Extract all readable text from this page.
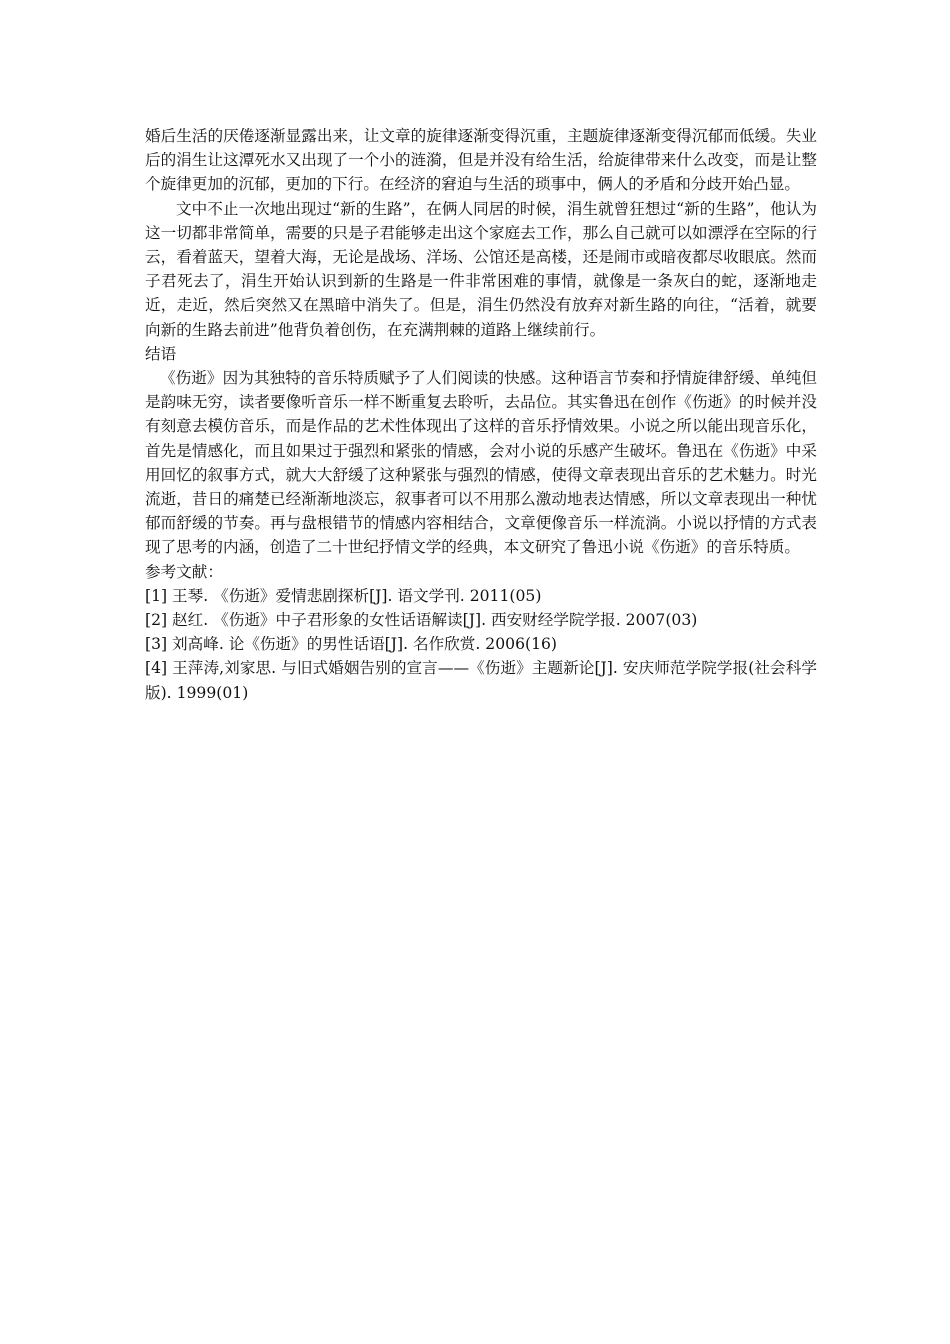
婚后生活的厌倦逐渐显露出来，让文章的旋律逐渐变得沉重，主题旋律逐渐变得沉郁而低缓。失业后的涓生让这潭死水又出现了一个小的涟漪，但是并没有给生活，给旋律带来什么改变，而是让整个旋律更加的沉郁，更加的下行。在经济的窘迫与生活的琐事中，俩人的矛盾和分歧开始凸显。

文中不止一次地出现过“新的生路”，在俩人同居的时候，涓生就曾狂想过“新的生路”，他认为这一切都非常简单，需要的只是子君能够走出这个家庭去工作，那么自己就可以如漂浮在空际的行云，看着蓝天，望着大海，无论是战场、洋场、公馆还是高楼，还是闹市或暗夜都尽收眼底。然而子君死去了，涓生开始认识到新的生路是一件非常困难的事情，就像是一条灰白的蛇，逐渐地走近，走近，然后突然又在黑暗中消失了。但是，涓生仍然没有放弃对新生路的向往，“活着，就要向新的生路去前进”他背负着创伤，在充满荆棘的道路上继续前行。

结语

《伤逝》因为其独特的音乐特质赋予了人们阅读的快感。这种语言节奏和抒情旋律舒缓、单纯但是韵味无穷，读者要像听音乐一样不断重复去聆听，去品位。其实鲁迅在创作《伤逝》的时候并没有刻意去模仿音乐，而是作品的艺术性体现出了这样的音乐抒情效果。小说之所以能出现音乐化，首先是情感化，而且如果过于强烈和紧张的情感，会对小说的乐感产生破坏。鲁迅在《伤逝》中采用回忆的叙事方式，就大大舒缓了这种紧张与强烈的情感，使得文章表现出音乐的艺术魅力。时光流逝，昔日的痛楚已经渐渐地淡忘，叙事者可以不用那么激动地表达情感，所以文章表现出一种忧郁而舒缓的节奏。再与盘根错节的情感内容相结合，文章便像音乐一样流淌。小说以抒情的方式表现了思考的内涵，创造了二十世纪抒情文学的经典，本文研究了鲁迅小说《伤逝》的音乐特质。

参考文献：

[1] 王琴. 《伤逝》爱情悲剧探析[J]. 语文学刊. 2011(05)

[2] 赵红. 《伤逝》中子君形象的女性话语解读[J]. 西安财经学院学报. 2007(03)

[3] 刘高峰. 论《伤逝》的男性话语[J]. 名作欣赏. 2006(16)

[4] 王萍涛,刘家思. 与旧式婚姻告别的宣言——《伤逝》主题新论[J]. 安庆师范学院学报(社会科学版). 1999(01)
